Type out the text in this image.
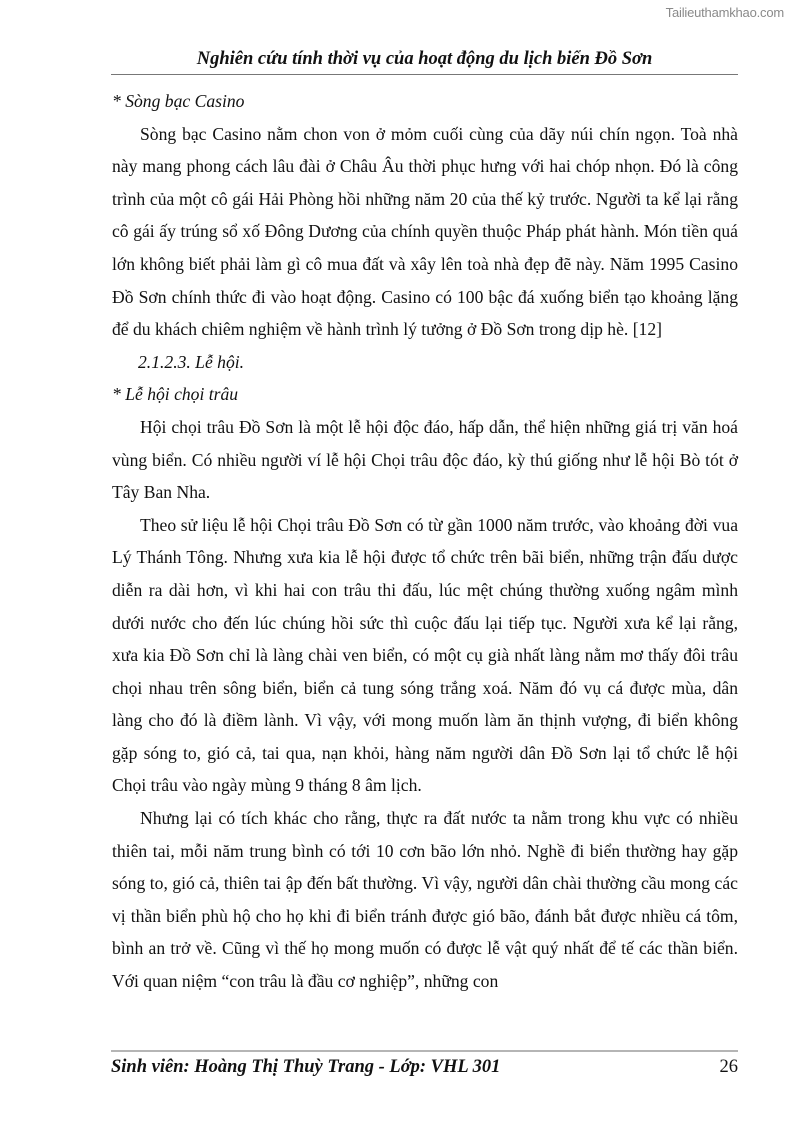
Tailieuthamkhao.com
Nghiên cứu tính thời vụ của hoạt động du lịch biển Đồ Sơn

* Sòng bạc Casino

Sòng bạc Casino nằm chon von ở mỏm cuối cùng của dãy núi chín ngọn. Toà nhà này mang phong cách lâu đài ở Châu Âu thời phục hưng với hai chóp nhọn. Đó là công trình của một cô gái Hải Phòng hồi những năm 20 của thế kỷ trước. Người ta kể lại rằng cô gái ấy trúng sổ xố Đông Dương của chính quyền thuộc Pháp phát hành. Món tiền quá lớn không biết phải làm gì cô mua đất và xây lên toà nhà đẹp đẽ này. Năm 1995 Casino Đồ Sơn chính thức đi vào hoạt động. Casino có 100 bậc đá xuống biển tạo khoảng lặng để du khách chiêm nghiệm về hành trình lý tưởng ở Đồ Sơn trong dịp hè. [12]

2.1.2.3. Lễ hội.

* Lễ hội chọi trâu

Hội chọi trâu Đồ Sơn là một lễ hội độc đáo, hấp dẫn, thể hiện những giá trị văn hoá vùng biển. Có nhiều người ví lễ hội Chọi trâu độc đáo, kỳ thú giống như lễ hội Bò tót ở Tây Ban Nha.

Theo sử liệu lễ hội Chọi trâu Đồ Sơn có từ gần 1000 năm trước, vào khoảng đời vua Lý Thánh Tông. Nhưng xưa kia lễ hội được tổ chức trên bãi biển, những trận đấu dược diễn ra dài hơn, vì khi hai con trâu thi đấu, lúc mệt chúng thường xuống ngâm mình dưới nước cho đến lúc chúng hồi sức thì cuộc đấu lại tiếp tục. Người xưa kể lại rằng, xưa kia Đồ Sơn chỉ là làng chài ven biển, có một cụ già nhất làng nằm mơ thấy đôi trâu chọi nhau trên sông biển, biển cả tung sóng trắng xoá. Năm đó vụ cá được mùa, dân làng cho đó là điềm lành. Vì vậy, với mong muốn làm ăn thịnh vượng, đi biển không gặp sóng to, gió cả, tai qua, nạn khỏi, hàng năm người dân Đồ Sơn lại tổ chức lễ hội Chọi trâu vào ngày mùng 9 tháng 8 âm lịch.

Nhưng lại có tích khác cho rằng, thực ra đất nước ta nằm trong khu vực có nhiều thiên tai, mỗi năm trung bình có tới 10 cơn bão lớn nhỏ. Nghề đi biển thường hay gặp sóng to, gió cả, thiên tai ập đến bất thường. Vì vậy, người dân chài thường cầu mong các vị thần biển phù hộ cho họ khi đi biển tránh được gió bão, đánh bắt được nhiều cá tôm, bình an trở về. Cũng vì thế họ mong muốn có được lễ vật quý nhất để tế các thần biển. Với quan niệm “con trâu là đầu cơ nghiệp”, những con

Sinh viên: Hoàng Thị Thuỳ Trang - Lớp: VHL 301	26
